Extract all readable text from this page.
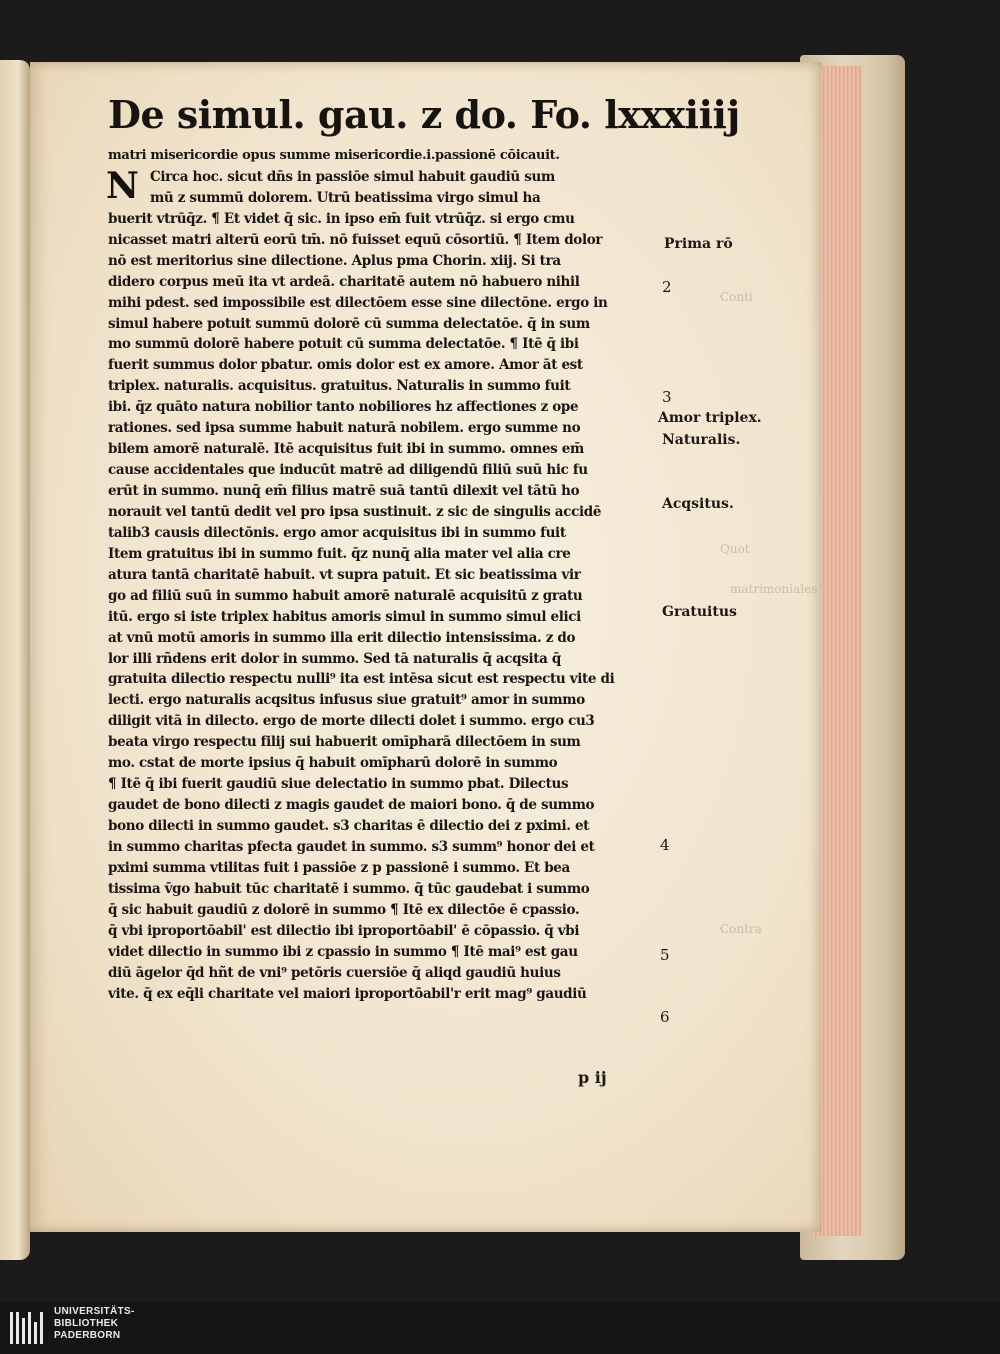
Conti
Quot
matrimoniales
Contra
De simul. gau. z do. Fo. lxxxiiij
N
matri misericordie opus summe misericordie.i.passionē cōicauit.
Circa hoc. sicut dn̄s in passiōe simul habuit gaudiū sum
mū z summū dolorem. Utrū beatissima virgo simul ha
buerit vtrūq̄z. ¶ Et videt q̄ sic. in ipso em̄ fuit vtrūq̄z. si ergo cmu
nicasset matri alterū eorū tm̄. nō fuisset equū cōsortiū. ¶ Item dolor
nō est meritorius sine dilectione. Aplus pma Chorin. xiij. Si tra
didero corpus meū ita vt ardeā. charitatē autem nō habuero nihil
mihi pdest. sed impossibile est dilectōem esse sine dilectōne. ergo in
simul habere potuit summū dolorē cū summa delectatōe. q̄ in sum
mo summū dolorē habere potuit cū summa delectatōe. ¶ Itē q̄ ibi
fuerit summus dolor pbatur. omis dolor est ex amore. Amor āt est
triplex. naturalis. acquisitus. gratuitus. Naturalis in summo fuit
ibi. q̄z quāto natura nobilior tanto nobiliores hz affectiones z ope
rationes. sed ipsa summe habuit naturā nobilem. ergo summe no
bilem amorē naturalē. Itē acquisitus fuit ibi in summo. omnes em̄
cause accidentales que inducūt matrē ad diligendū filiū suū hic fu
erūt in summo. nunq̄ em̄ filius matrē suā tantū dilexit vel tātū ho
norauit vel tantū dedit vel pro ipsa sustinuit. z sic de singulis accidē
talib3 causis dilectōnis. ergo amor acquisitus ibi in summo fuit
Item gratuitus ibi in summo fuit. q̄z nunq̄ alia mater vel alia cre
atura tantā charitatē habuit. vt supra patuit. Et sic beatissima vir
go ad filiū suū in summo habuit amorē naturalē acquisitū z gratu
itū. ergo si iste triplex habitus amoris simul in summo simul elici
at vnū motū amoris in summo illa erit dilectio intensissima. z do
lor illi rñdens erit dolor in summo. Sed tā naturalis q̄ acqsita q̄
gratuita dilectio respectu nulli⁹ ita est intēsa sicut est respectu vite di
lecti. ergo naturalis acqsitus infusus siue gratuit⁹ amor in summo
diligit vitā in dilecto. ergo de morte dilecti dolet i summo. ergo cu3
beata virgo respectu filij sui habuerit omīpharā dilectōem in sum
mo. cstat de morte ipsius q̄ habuit omīpharū dolorē in summo
¶ Itē q̄ ibi fuerit gaudiū siue delectatio in summo pbat. Dilectus
gaudet de bono dilecti z magis gaudet de maiori bono. q̄ de summo
bono dilecti in summo gaudet. s3 charitas ē dilectio dei z pximi. et
in summo charitas pfecta gaudet in summo. s3 summ⁹ honor dei et
pximi summa vtilitas fuit i passiōe z p passionē i summo. Et bea
tissima v̄go habuit tūc charitatē i summo. q̄ tūc gaudebat i summo
q̄ sic habuit gaudiū z dolorē in summo ¶ Itē ex dilectōe ē cpassio.
q̄ vbi iproportōabil' est dilectio ibi iproportōabil' ē cōpassio. q̄ vbi
videt dilectio in summo ibi z cpassio in summo ¶ Itē mai⁹ est gau
diū āgelor q̄d hñt de vni⁹ petōris cuersiōe q̄ aliqd gaudiū huius
vite. q̄ ex eq̄li charitate vel maiori iproportōabil'r erit mag⁹ gaudiū
Prima rō
2
3
Amor triplex.
Naturalis.
Acqsitus.
Gratuitus
4
5
6
p ij
UNIVERSITÄTS-
BIBLIOTHEK
PADERBORN
